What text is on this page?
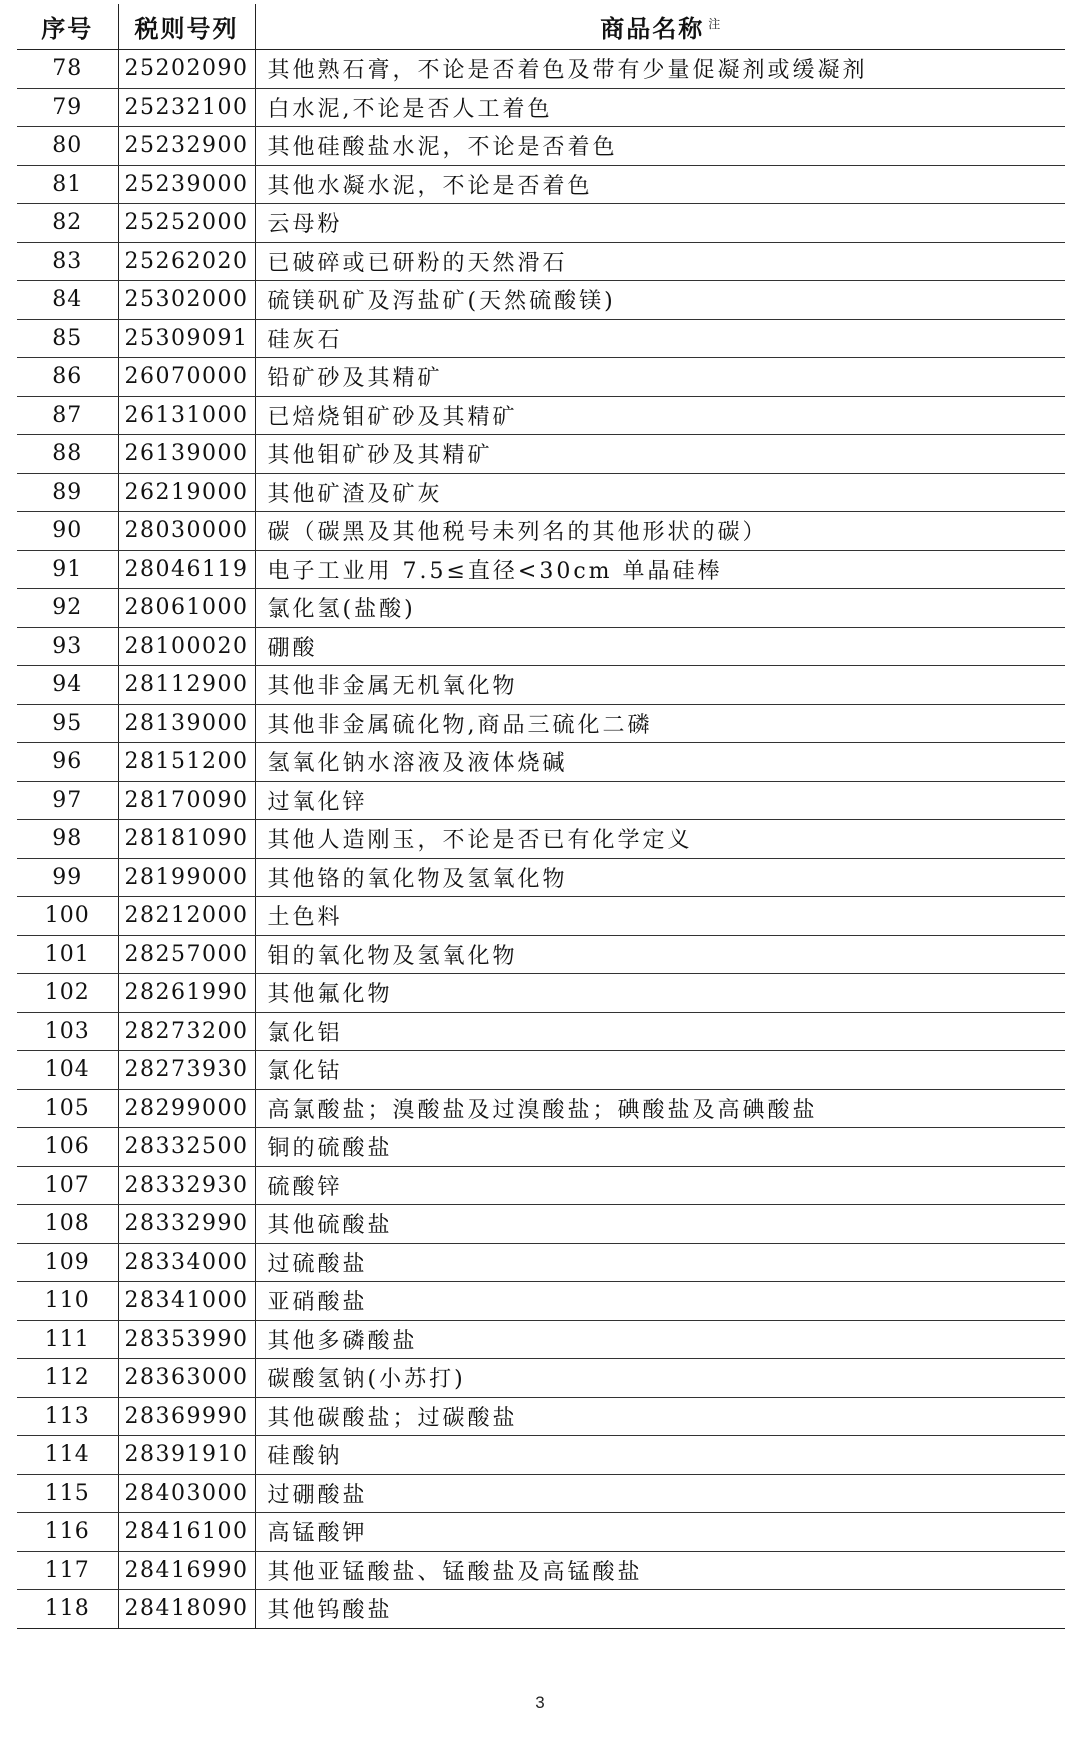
序号	税则号列	商品名称 $^注$
78	25202090	其他熟石膏，不论是否着色及带有少量促凝剂或缓凝剂
79	25232100	白水泥,不论是否人工着色
80	25232900	其他硅酸盐水泥，不论是否着色
81	25239000	其他水凝水泥，不论是否着色
82	25252000	云母粉
83	25262020	已破碎或已研粉的天然滑石
84	25302000	硫镁矾矿及泻盐矿(天然硫酸镁)
85	25309091	硅灰石
86	26070000	铅矿砂及其精矿
87	26131000	已焙烧钼矿砂及其精矿
88	26139000	其他钼矿砂及其精矿
89	26219000	其他矿渣及矿灰
90	28030000	碳（碳黑及其他税号未列名的其他形状的碳）
91	28046119	电子工业用 7.5≤直径<30cm 单晶硅棒
92	28061000	氯化氢(盐酸)
93	28100020	硼酸
94	28112900	其他非金属无机氧化物
95	28139000	其他非金属硫化物,商品三硫化二磷
96	28151200	氢氧化钠水溶液及液体烧碱
97	28170090	过氧化锌
98	28181090	其他人造刚玉，不论是否已有化学定义
99	28199000	其他铬的氧化物及氢氧化物
100	28212000	土色料
101	28257000	钼的氧化物及氢氧化物
102	28261990	其他氟化物
103	28273200	氯化铝
104	28273930	氯化钴
105	28299000	高氯酸盐；溴酸盐及过溴酸盐；碘酸盐及高碘酸盐
106	28332500	铜的硫酸盐
107	28332930	硫酸锌
108	28332990	其他硫酸盐
109	28334000	过硫酸盐
110	28341000	亚硝酸盐
111	28353990	其他多磷酸盐
112	28363000	碳酸氢钠(小苏打)
113	28369990	其他碳酸盐；过碳酸盐
114	28391910	硅酸钠
115	28403000	过硼酸盐
116	28416100	高锰酸钾
117	28416990	其他亚锰酸盐、锰酸盐及高锰酸盐
118	28418090	其他钨酸盐
3
